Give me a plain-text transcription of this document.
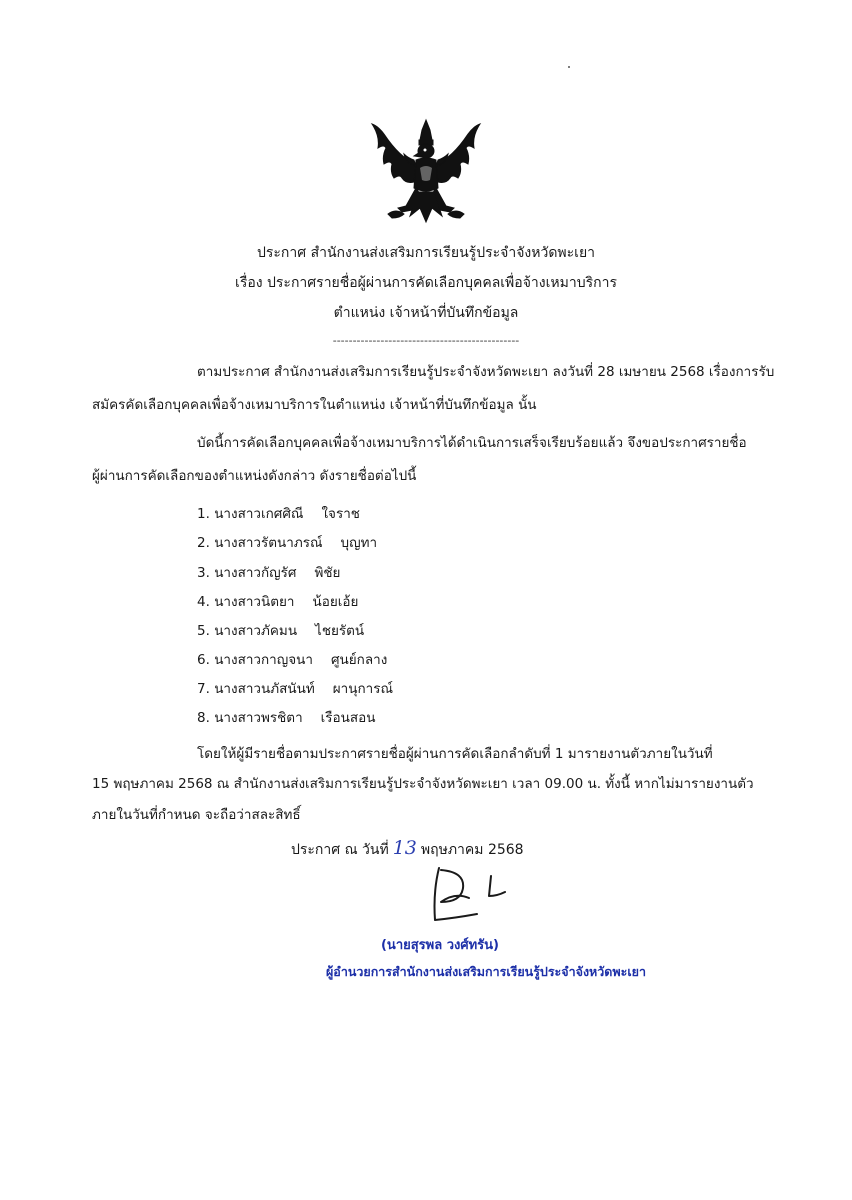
ประกาศ สำนักงานส่งเสริมการเรียนรู้ประจำจังหวัดพะเยา
เรื่อง ประกาศรายชื่อผู้ผ่านการคัดเลือกบุคคลเพื่อจ้างเหมาบริการ
ตำแหน่ง เจ้าหน้าที่บันทึกข้อมูล
-----------------------------------------------
ตามประกาศ สำนักงานส่งเสริมการเรียนรู้ประจำจังหวัดพะเยา ลงวันที่ 28 เมษายน 2568 เรื่องการรับ
สมัครคัดเลือกบุคคลเพื่อจ้างเหมาบริการในตำแหน่ง เจ้าหน้าที่บันทึกข้อมูล นั้น
บัดนี้การคัดเลือกบุคคลเพื่อจ้างเหมาบริการได้ดำเนินการเสร็จเรียบร้อยแล้ว จึงขอประกาศรายชื่อ
ผู้ผ่านการคัดเลือกของตำแหน่งดังกล่าว ดังรายชื่อต่อไปนี้
1. นางสาวเกศศิณี ใจราช
2. นางสาวรัตนาภรณ์ บุญทา
3. นางสาวกัญรัศ พิชัย
4. นางสาวนิตยา น้อยเอ้ย
5. นางสาวภัคมน ไชยรัตน์
6. นางสาวกาญจนา ศูนย์กลาง
7. นางสาวนภัสนันท์ ผานุการณ์
8. นางสาวพรชิตา เรือนสอน
โดยให้ผู้มีรายชื่อตามประกาศรายชื่อผู้ผ่านการคัดเลือกลำดับที่ 1 มารายงานตัวภายในวันที่
15 พฤษภาคม 2568 ณ สำนักงานส่งเสริมการเรียนรู้ประจำจังหวัดพะเยา เวลา 09.00 น. ทั้งนี้ หากไม่มารายงานตัว
ภายในวันที่กำหนด จะถือว่าสละสิทธิ์
ประกาศ ณ วันที่ 13 พฤษภาคม 2568
(นายสุรพล วงศ์ทรัน)
ผู้อำนวยการสำนักงานส่งเสริมการเรียนรู้ประจำจังหวัดพะเยา
